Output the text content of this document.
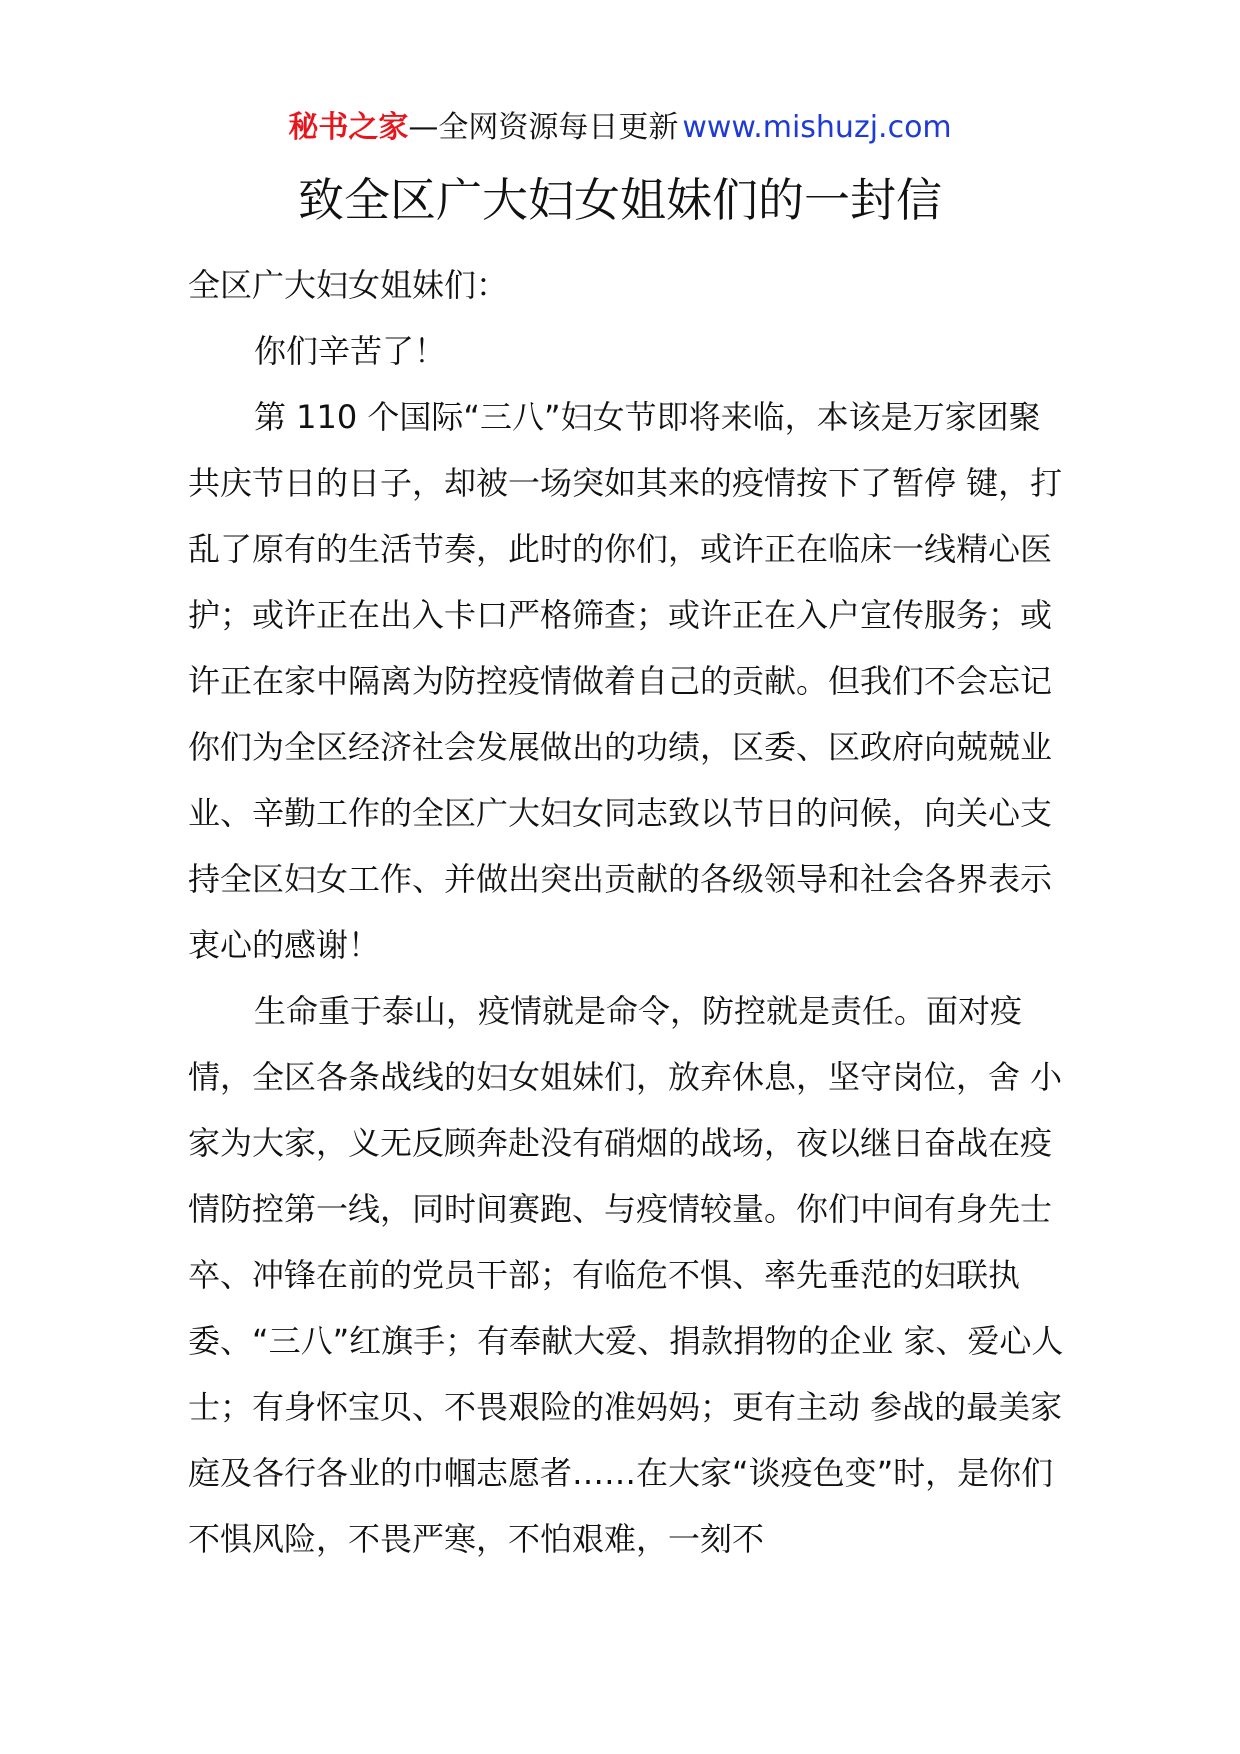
秘书之家—全网资源每日更新 www.mishuzj.com
致全区广大妇女姐妹们的一封信

全区广大妇女姐妹们：

你们辛苦了！

第 110 个国际“三八”妇女节即将来临，本该是万家团聚共庆节日的日子，却被一场突如其来的疫情按下了暂停 键，打乱了原有的生活节奏，此时的你们，或许正在临床一线精心医护；或许正在出入卡口严格筛查；或许正在入户宣传服务；或许正在家中隔离为防控疫情做着自己的贡献。但我们不会忘记你们为全区经济社会发展做出的功绩，区委、区政府向兢兢业业、辛勤工作的全区广大妇女同志致以节日的问候，向关心支持全区妇女工作、并做出突出贡献的各级领导和社会各界表示衷心的感谢！

生命重于泰山，疫情就是命令，防控就是责任。面对疫情，全区各条战线的妇女姐妹们，放弃休息，坚守岗位，舍 小家为大家，义无反顾奔赴没有硝烟的战场，夜以继日奋战在疫情防控第一线，同时间赛跑、与疫情较量。你们中间有身先士卒、冲锋在前的党员干部；有临危不惧、率先垂范的妇联执委、“三八”红旗手；有奉献大爱、捐款捐物的企业 家、爱心人士；有身怀宝贝、不畏艰险的准妈妈；更有主动 参战的最美家庭及各行各业的巾帼志愿者……在大家“谈疫色变”时，是你们不惧风险，不畏严寒，不怕艰难，一刻不
